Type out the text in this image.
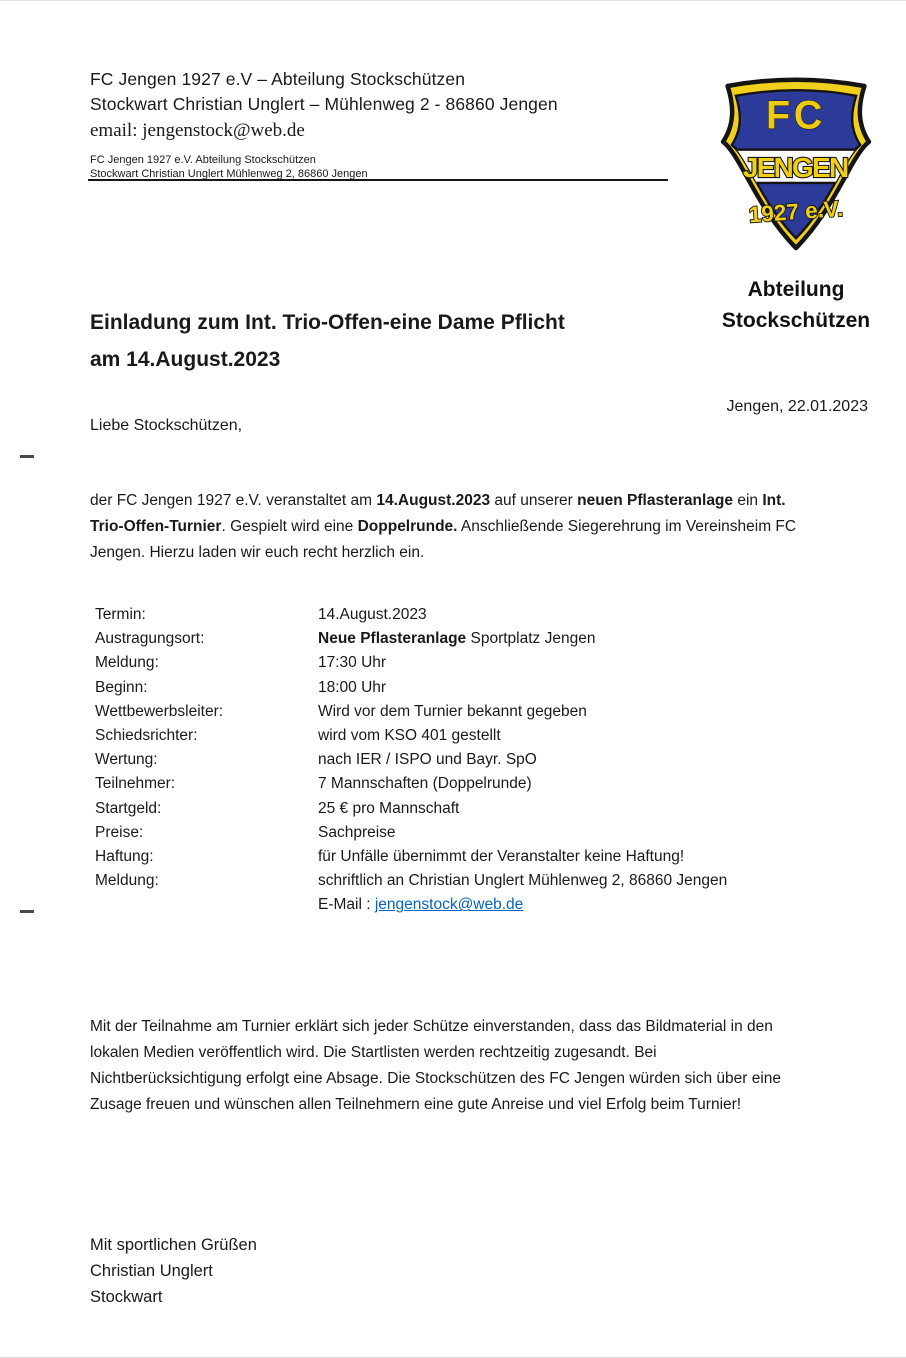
FC Jengen 1927 e.V – Abteilung Stockschützen
Stockwart Christian Unglert – Mühlenweg 2 - 86860 Jengen
email: jengenstock@web.de
FC Jengen 1927 e.V. Abteilung Stockschützen
Stockwart Christian Unglert Mühlenweg 2, 86860 Jengen
FC
JENGEN
1927 e.V.
Abteilung
Stockschützen
Einladung zum Int. Trio-Offen-eine Dame Pflicht
am 14.August.2023
Jengen, 22.01.2023
Liebe Stockschützen,
der FC Jengen 1927 e.V. veranstaltet am 14.August.2023 auf unserer neuen Pflasteranlage ein Int.
Trio-Offen-Turnier. Gespielt wird eine Doppelrunde. Anschließende Siegerehrung im Vereinsheim FC
Jengen. Hierzu laden wir euch recht herzlich ein.
Termin:	14.August.2023
Austragungsort:	Neue Pflasteranlage Sportplatz Jengen
Meldung:	17:30 Uhr
Beginn:	18:00 Uhr
Wettbewerbsleiter:	Wird vor dem Turnier bekannt gegeben
Schiedsrichter:	wird vom KSO 401 gestellt
Wertung:	nach IER / ISPO und Bayr. SpO
Teilnehmer:	7 Mannschaften (Doppelrunde)
Startgeld:	25 € pro Mannschaft
Preise:	Sachpreise
Haftung:	für Unfälle übernimmt der Veranstalter keine Haftung!
Meldung:	schriftlich an Christian Unglert Mühlenweg 2, 86860 Jengen
E-Mail : jengenstock@web.de
Mit der Teilnahme am Turnier erklärt sich jeder Schütze einverstanden, dass das Bildmaterial in den
lokalen Medien veröffentlich wird. Die Startlisten werden rechtzeitig zugesandt. Bei
Nichtberücksichtigung erfolgt eine Absage. Die Stockschützen des FC Jengen würden sich über eine
Zusage freuen und wünschen allen Teilnehmern eine gute Anreise und viel Erfolg beim Turnier!
Mit sportlichen Grüßen
Christian Unglert
Stockwart
